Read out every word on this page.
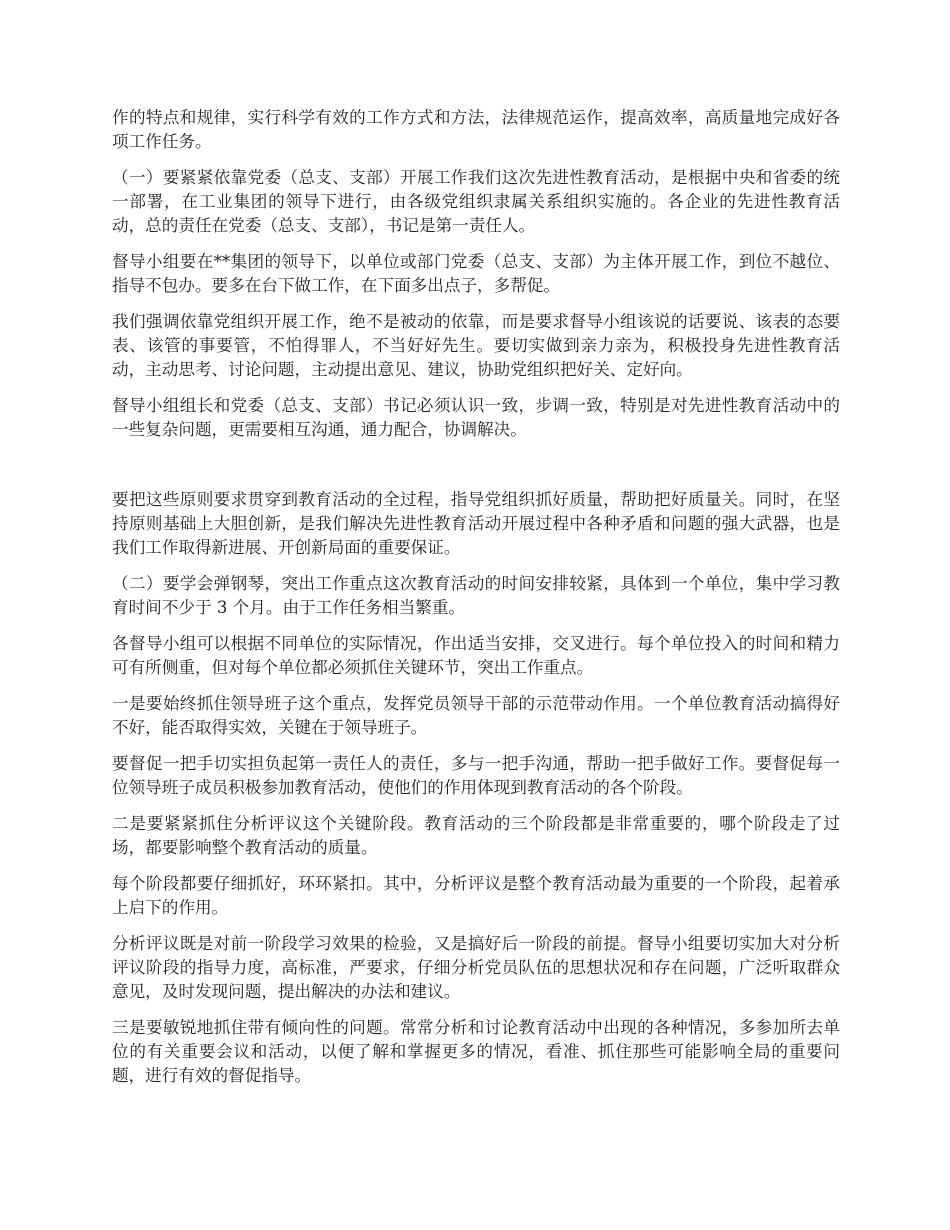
作的特点和规律，实行科学有效的工作方式和方法，法律规范运作，提高效率，高质量地完成好各项工作任务。

（一）要紧紧依靠党委（总支、支部）开展工作我们这次先进性教育活动，是根据中央和省委的统一部署，在工业集团的领导下进行，由各级党组织隶属关系组织实施的。各企业的先进性教育活动，总的责任在党委（总支、支部），书记是第一责任人。

督导小组要在**集团的领导下，以单位或部门党委（总支、支部）为主体开展工作，到位不越位、指导不包办。要多在台下做工作，在下面多出点子，多帮促。

我们强调依靠党组织开展工作，绝不是被动的依靠，而是要求督导小组该说的话要说、该表的态要表、该管的事要管，不怕得罪人，不当好好先生。要切实做到亲力亲为，积极投身先进性教育活动，主动思考、讨论问题，主动提出意见、建议，协助党组织把好关、定好向。

督导小组组长和党委（总支、支部）书记必须认识一致，步调一致，特别是对先进性教育活动中的一些复杂问题，更需要相互沟通，通力配合，协调解决。

要把这些原则要求贯穿到教育活动的全过程，指导党组织抓好质量，帮助把好质量关。同时，在坚持原则基础上大胆创新，是我们解决先进性教育活动开展过程中各种矛盾和问题的强大武器，也是我们工作取得新进展、开创新局面的重要保证。

（二）要学会弹钢琴，突出工作重点这次教育活动的时间安排较紧，具体到一个单位，集中学习教育时间不少于 3 个月。由于工作任务相当繁重。

各督导小组可以根据不同单位的实际情况，作出适当安排，交叉进行。每个单位投入的时间和精力可有所侧重，但对每个单位都必须抓住关键环节，突出工作重点。

一是要始终抓住领导班子这个重点，发挥党员领导干部的示范带动作用。一个单位教育活动搞得好不好，能否取得实效，关键在于领导班子。

要督促一把手切实担负起第一责任人的责任，多与一把手沟通，帮助一把手做好工作。要督促每一位领导班子成员积极参加教育活动，使他们的作用体现到教育活动的各个阶段。

二是要紧紧抓住分析评议这个关键阶段。教育活动的三个阶段都是非常重要的，哪个阶段走了过场，都要影响整个教育活动的质量。

每个阶段都要仔细抓好，环环紧扣。其中，分析评议是整个教育活动最为重要的一个阶段，起着承上启下的作用。

分析评议既是对前一阶段学习效果的检验，又是搞好后一阶段的前提。督导小组要切实加大对分析评议阶段的指导力度，高标准，严要求，仔细分析党员队伍的思想状况和存在问题，广泛听取群众意见，及时发现问题，提出解决的办法和建议。

三是要敏锐地抓住带有倾向性的问题。常常分析和讨论教育活动中出现的各种情况，多参加所去单位的有关重要会议和活动，以便了解和掌握更多的情况，看准、抓住那些可能影响全局的重要问题，进行有效的督促指导。
